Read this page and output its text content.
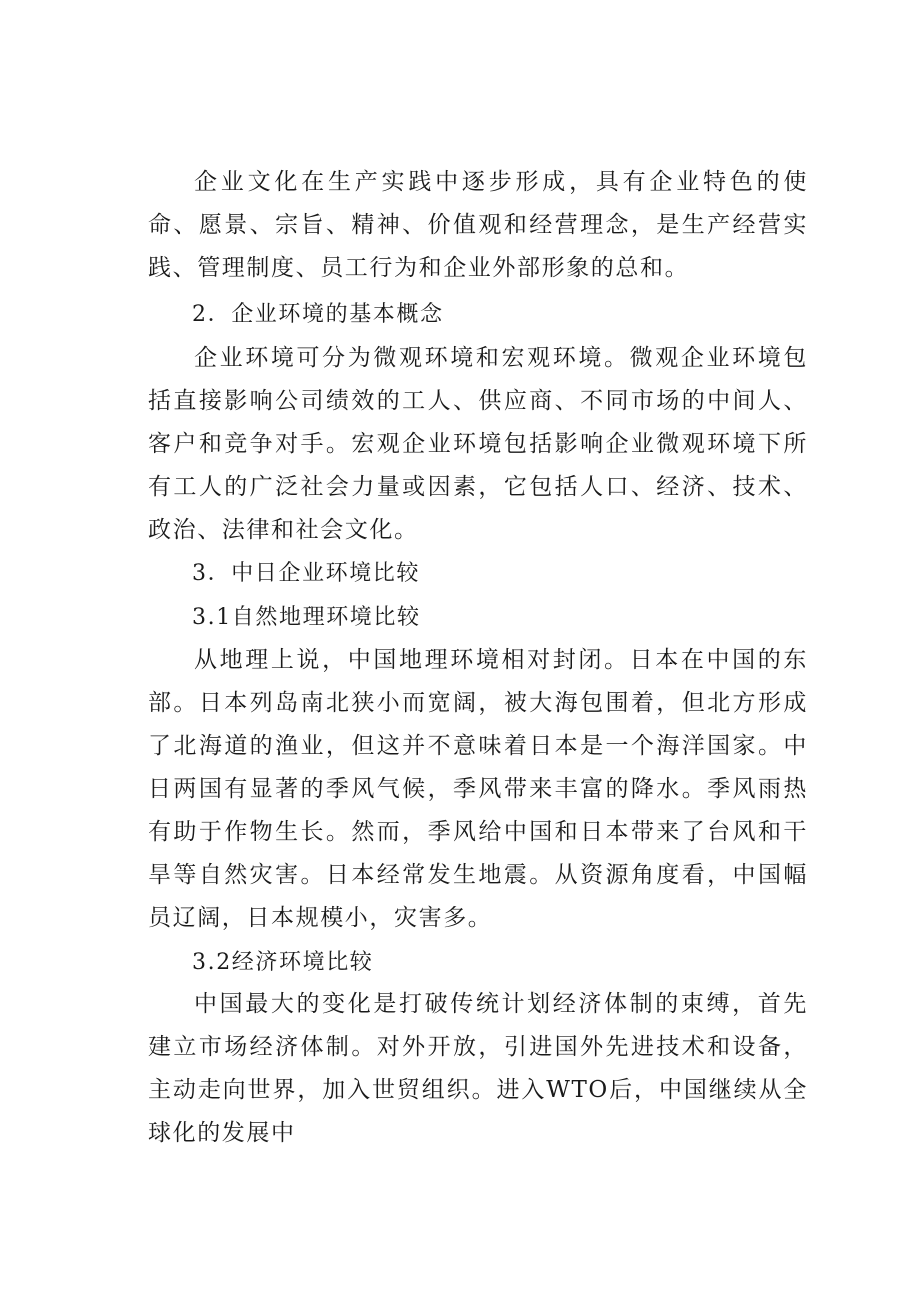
企业文化在生产实践中逐步形成，具有企业特色的使命、愿景、宗旨、精神、价值观和经营理念，是生产经营实践、管理制度、员工行为和企业外部形象的总和。

2．企业环境的基本概念

企业环境可分为微观环境和宏观环境。微观企业环境包括直接影响公司绩效的工人、供应商、不同市场的中间人、客户和竞争对手。宏观企业环境包括影响企业微观环境下所有工人的广泛社会力量或因素，它包括人口、经济、技术、政治、法律和社会文化。

3．中日企业环境比较

3.1自然地理环境比较

从地理上说，中国地理环境相对封闭。日本在中国的东部。日本列岛南北狭小而宽阔，被大海包围着，但北方形成了北海道的渔业，但这并不意味着日本是一个海洋国家。中日两国有显著的季风气候，季风带来丰富的降水。季风雨热有助于作物生长。然而，季风给中国和日本带来了台风和干旱等自然灾害。日本经常发生地震。从资源角度看，中国幅员辽阔，日本规模小，灾害多。

3.2经济环境比较

中国最大的变化是打破传统计划经济体制的束缚，首先建立市场经济体制。对外开放，引进国外先进技术和设备，主动走向世界，加入世贸组织。进入WTO后，中国继续从全球化的发展中
